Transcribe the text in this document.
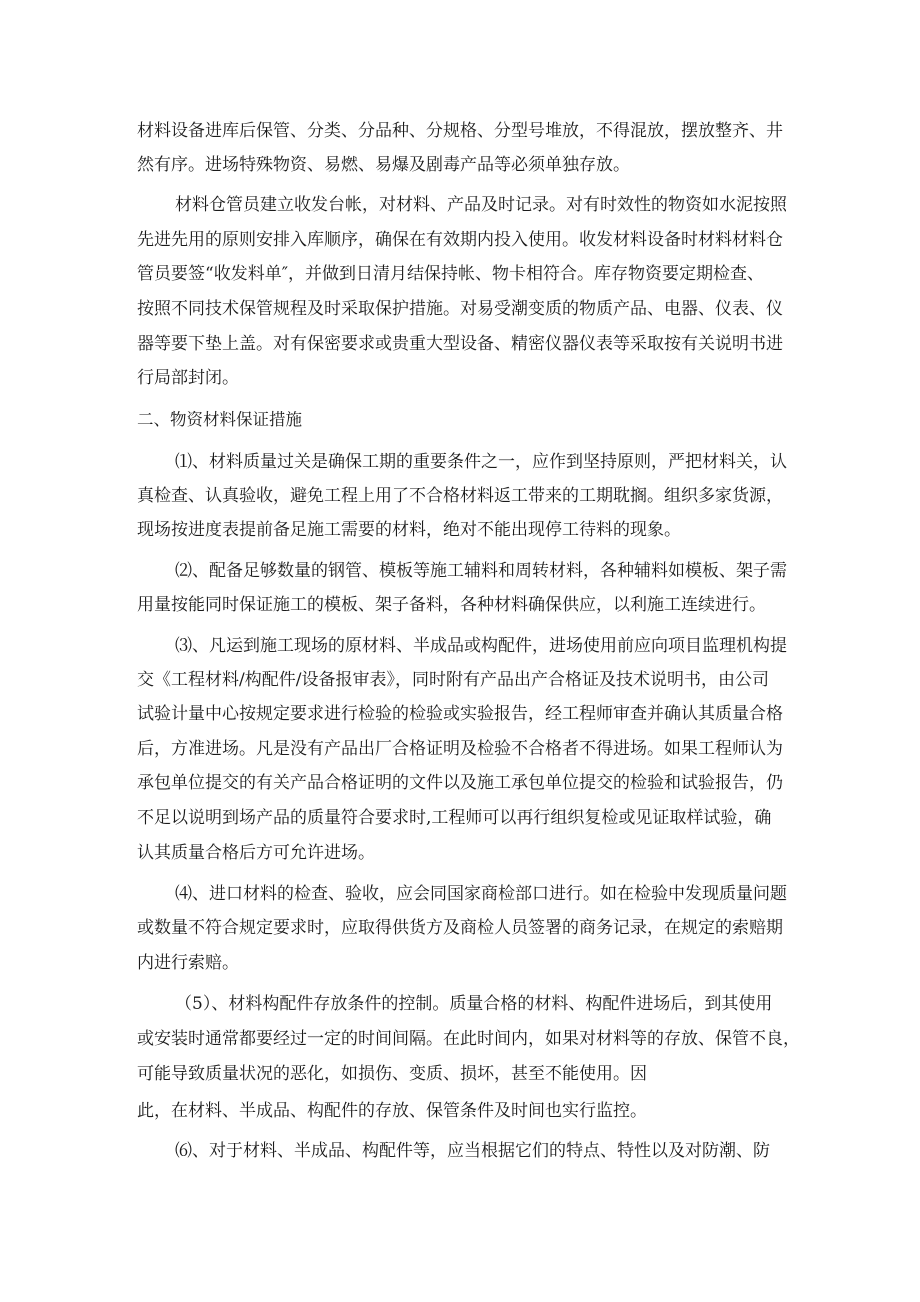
材料设备进库后保管、分类、分品种、分规格、分型号堆放，不得混放，摆放整齐、井

然有序。进场特殊物资、易燃、易爆及剧毒产品等必须单独存放。

材料仓管员建立收发台帐，对材料、产品及时记录。对有时效性的物资如水泥按照

先进先用的原则安排入库顺序，确保在有效期内投入使用。收发材料设备时材料材料仓

管员要签“收发料单″，并做到日清月结保持帐、物卡相符合。库存物资要定期检查、

按照不同技术保管规程及时采取保护措施。对易受潮变质的物质产品、电器、仪表、仪

器等要下垫上盖。对有保密要求或贵重大型设备、精密仪器仪表等采取按有关说明书进

行局部封闭。

二、物资材料保证措施

⑴、材料质量过关是确保工期的重要条件之一，应作到坚持原则，严把材料关，认

真检查、认真验收，避免工程上用了不合格材料返工带来的工期耽搁。组织多家货源，

现场按进度表提前备足施工需要的材料，绝对不能出现停工待料的现象。

⑵、配备足够数量的钢管、模板等施工辅料和周转材料，各种辅料如模板、架子需

用量按能同时保证施工的模板、架子备料，各种材料确保供应，以利施工连续进行。

⑶、凡运到施工现场的原材料、半成品或构配件，进场使用前应向项目监理机构提

交《工程材料/构配件/设备报审表》，同时附有产品出产合格证及技术说明书，由公司

试验计量中心按规定要求进行检验的检验或实验报告，经工程师审查并确认其质量合格

后，方准进场。凡是没有产品出厂合格证明及检验不合格者不得进场。如果工程师认为

承包单位提交的有关产品合格证明的文件以及施工承包单位提交的检验和试验报告，仍

不足以说明到场产品的质量符合要求时,工程师可以再行组织复检或见证取样试验，确

认其质量合格后方可允许进场。

⑷、进口材料的检查、验收，应会同国家商检部口进行。如在检验中发现质量问题

或数量不符合规定要求时，应取得供货方及商检人员签署的商务记录，在规定的索赔期

内进行索赔。

（5）、材料构配件存放条件的控制。质量合格的材料、构配件进场后，到其使用

或安装时通常都要经过一定的时间间隔。在此时间内，如果对材料等的存放、保管不良，

可能导致质量状况的恶化，如损伤、变质、损坏，甚至不能使用。因

此，在材料、半成品、构配件的存放、保管条件及时间也实行监控。

⑹、对于材料、半成品、构配件等，应当根据它们的特点、特性以及对防潮、防
